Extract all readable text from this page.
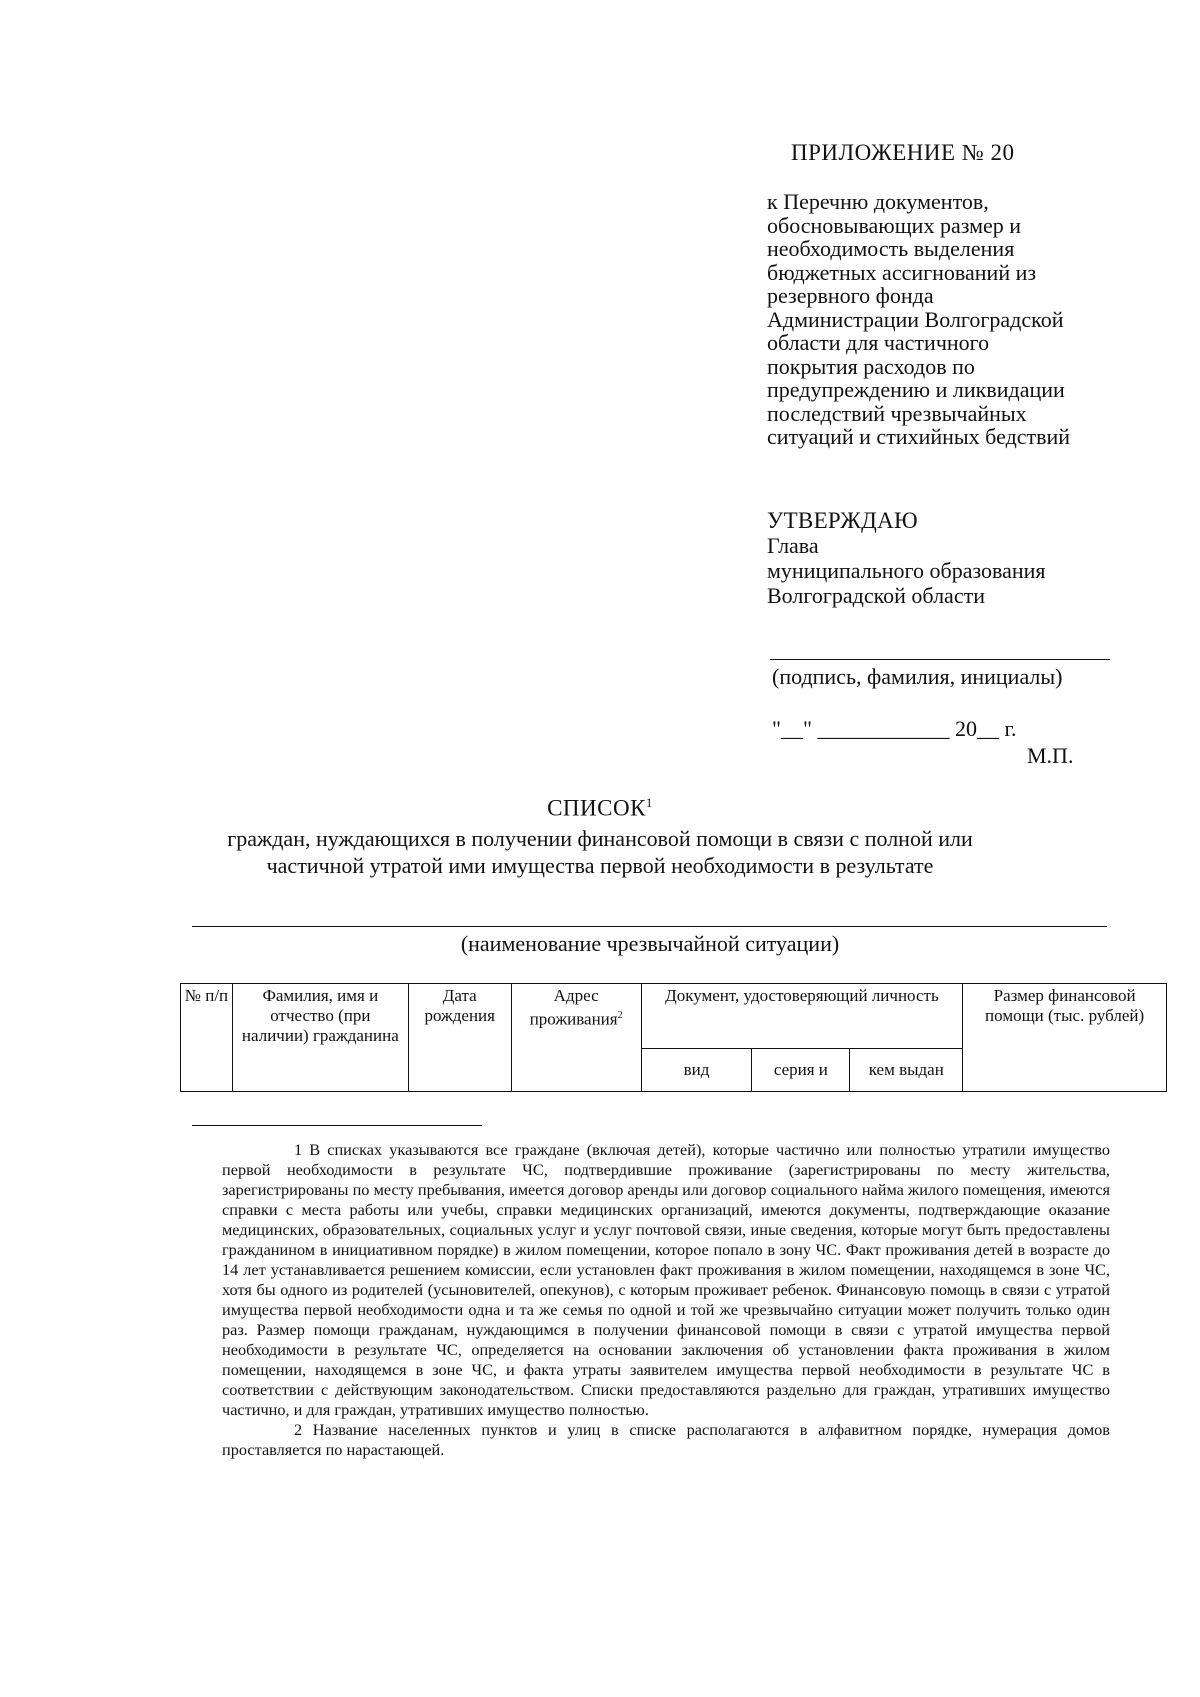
ПРИЛОЖЕНИЕ № 20
к Перечню документов,
обосновывающих размер и
необходимость выделения
бюджетных ассигнований из
резервного фонда
Администрации Волгоградской
области для частичного
покрытия расходов по
предупреждению и ликвидации
последствий чрезвычайных
ситуаций и стихийных бедствий
УТВЕРЖДАЮ
Глава
муниципального образования
Волгоградской области
(подпись, фамилия, инициалы)
"__" ____________ 20__ г.
М.П.
СПИСОК$^1$
граждан, нуждающихся в получении финансовой помощи в связи с полной или
частичной утратой ими имущества первой необходимости в результате
(наименование чрезвычайной ситуации)
№ п/п	Фамилия, имя и отчество (при наличии) гражданина	Дата рождения	Адрес проживания$^2$	Документ, удостоверяющий личность			Размер финансовой помощи (тыс. рублей)
				вид	серия и	кем выдан	

1 В списках указываются все граждане (включая детей), которые частично или полностью утратили имущество первой необходимости в результате ЧС, подтвердившие проживание (зарегистрированы по месту жительства, зарегистрированы по месту пребывания, имеется договор аренды или договор социального найма жилого помещения, имеются справки с места работы или учебы, справки медицинских организаций, имеются документы, подтверждающие оказание медицинских, образовательных, социальных услуг и услуг почтовой связи, иные сведения, которые могут быть предоставлены гражданином в инициативном порядке) в жилом помещении, которое попало в зону ЧС. Факт проживания детей в возрасте до 14 лет устанавливается решением комиссии, если установлен факт проживания в жилом помещении, находящемся в зоне ЧС, хотя бы одного из родителей (усыновителей, опекунов), с которым проживает ребенок. Финансовую помощь в связи с утратой имущества первой необходимости одна и та же семья по одной и той же чрезвычайно ситуации может получить только один раз. Размер помощи гражданам, нуждающимся в получении финансовой помощи в связи с утратой имущества первой необходимости в результате ЧС, определяется на основании заключения об установлении факта проживания в жилом помещении, находящемся в зоне ЧС, и факта утраты заявителем имущества первой необходимости в результате ЧС в соответствии с действующим законодательством. Списки предоставляются раздельно для граждан, утративших имущество частично, и для граждан, утративших имущество полностью.

2 Название населенных пунктов и улиц в списке располагаются в алфавитном порядке, нумерация домов проставляется по нарастающей.
